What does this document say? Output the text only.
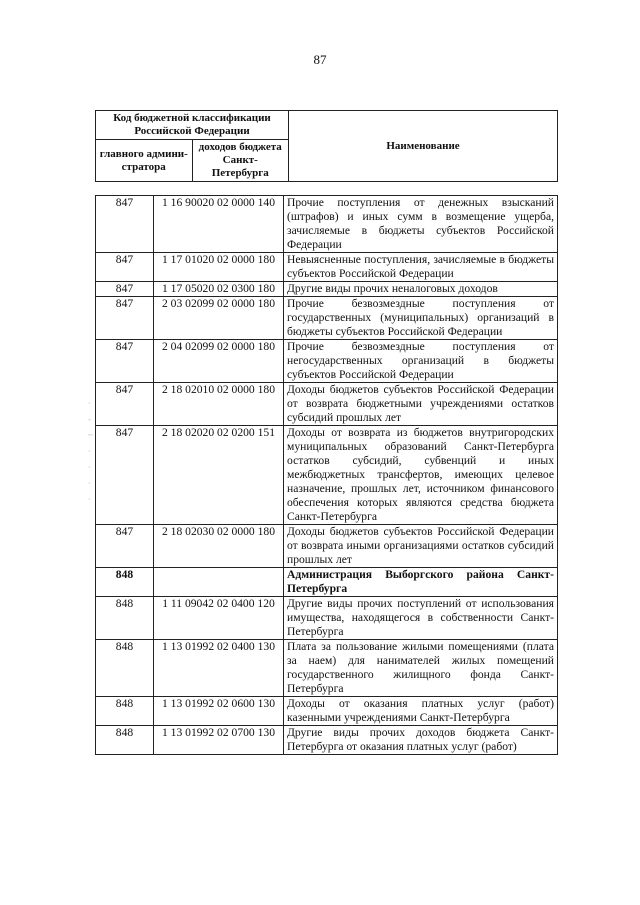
87
Код бюджетной классификации Российской Федерации		Наименование
главного админи-стратора	доходов бюджета Санкт-Петербурга	
847	1 16 90020 02 0000 140	Прочие поступления от денежных взысканий (штрафов) и иных сумм в возмещение ущерба, зачисляемые в бюджеты субъектов Российской Федерации
847	1 17 01020 02 0000 180	Невыясненные поступления, зачисляемые в бюджеты субъектов Российской Федерации
847	1 17 05020 02 0300 180	Другие виды прочих неналоговых доходов
847	2 03 02099 02 0000 180	Прочие безвозмездные поступления от государственных (муниципальных) организаций в бюджеты субъектов Российской Федерации
847	2 04 02099 02 0000 180	Прочие безвозмездные поступления от негосударственных организаций в бюджеты субъектов Российской Федерации
847	2 18 02010 02 0000 180	Доходы бюджетов субъектов Российской Федерации от возврата бюджетными учреждениями остатков субсидий прошлых лет
847	2 18 02020 02 0200 151	Доходы от возврата из бюджетов внутригородских муниципальных образований Санкт-Петербурга остатков субсидий, субвенций и иных межбюджетных трансфертов, имеющих целевое назначение, прошлых лет, источником финансового обеспечения которых являются средства бюджета Санкт-Петербурга
847	2 18 02030 02 0000 180	Доходы бюджетов субъектов Российской Федерации от возврата иными организациями остатков субсидий прошлых лет
848		Администрация Выборгского района Санкт-Петербурга
848	1 11 09042 02 0400 120	Другие виды прочих поступлений от использования имущества, находящегося в собственности Санкт-Петербурга
848	1 13 01992 02 0400 130	Плата за пользование жилыми помещениями (плата за наем) для нанимателей жилых помещений государственного жилищного фонда Санкт-Петербурга
848	1 13 01992 02 0600 130	Доходы от оказания платных услуг (работ) казенными учреждениями Санкт-Петербурга
848	1 13 01992 02 0700 130	Другие виды прочих доходов бюджета Санкт-Петербурга от оказания платных услуг (работ)
·
-
~
·
·
·
·
